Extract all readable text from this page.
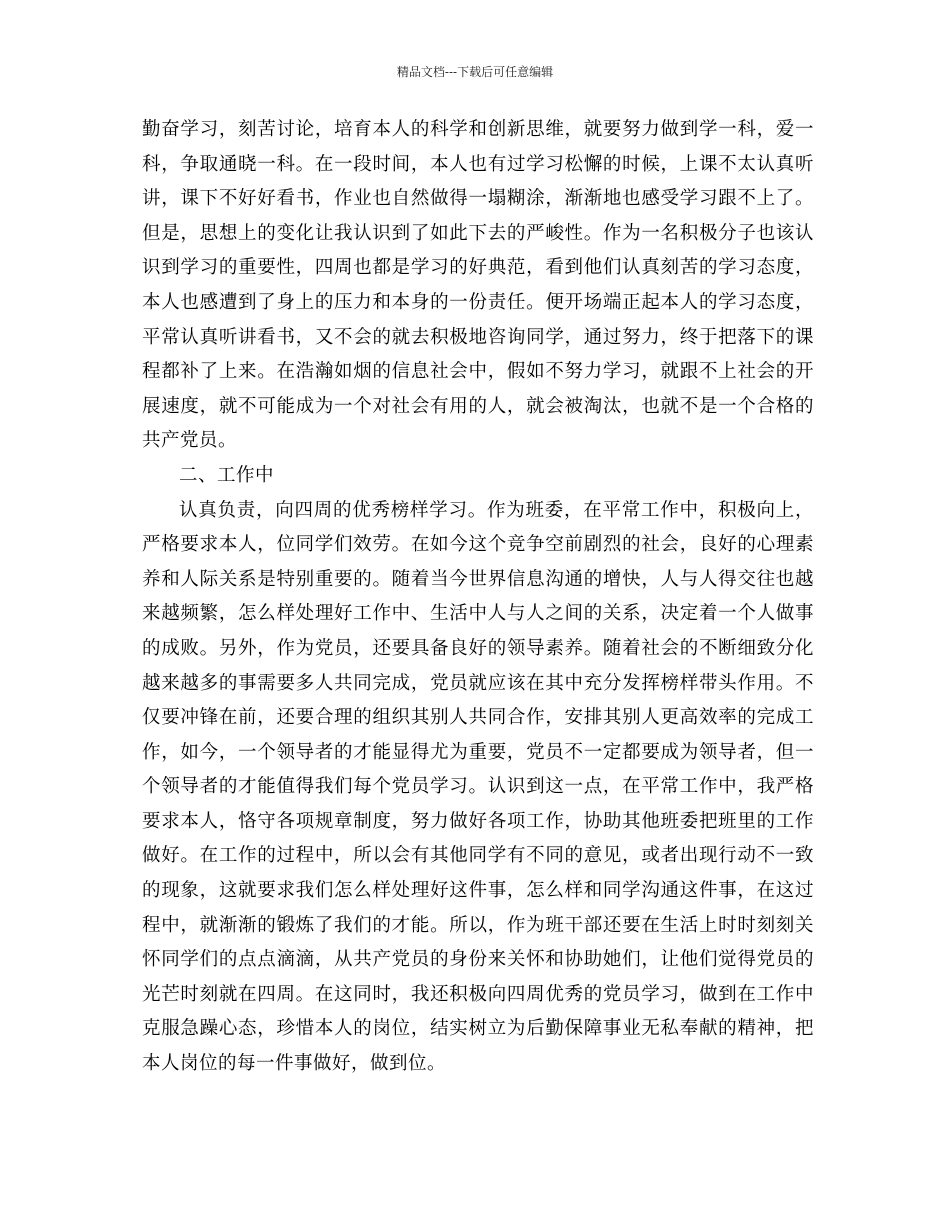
精品文档---下载后可任意编辑

勤奋学习，刻苦讨论，培育本人的科学和创新思维，就要努力做到学一科，爱一科，争取通晓一科。在一段时间，本人也有过学习松懈的时候，上课不太认真听讲，课下不好好看书，作业也自然做得一塌糊涂，渐渐地也感受学习跟不上了。但是，思想上的变化让我认识到了如此下去的严峻性。作为一名积极分子也该认识到学习的重要性，四周也都是学习的好典范，看到他们认真刻苦的学习态度，本人也感遭到了身上的压力和本身的一份责任。便开场端正起本人的学习态度，平常认真听讲看书，又不会的就去积极地咨询同学，通过努力，终于把落下的课程都补了上来。在浩瀚如烟的信息社会中，假如不努力学习，就跟不上社会的开展速度，就不可能成为一个对社会有用的人，就会被淘汰，也就不是一个合格的共产党员。

二、工作中

认真负责，向四周的优秀榜样学习。作为班委，在平常工作中，积极向上，严格要求本人，位同学们效劳。在如今这个竞争空前剧烈的社会，良好的心理素养和人际关系是特别重要的。随着当今世界信息沟通的增快，人与人得交往也越来越频繁，怎么样处理好工作中、生活中人与人之间的关系，决定着一个人做事的成败。另外，作为党员，还要具备良好的领导素养。随着社会的不断细致分化越来越多的事需要多人共同完成，党员就应该在其中充分发挥榜样带头作用。不仅要冲锋在前，还要合理的组织其别人共同合作，安排其别人更高效率的完成工作，如今，一个领导者的才能显得尤为重要，党员不一定都要成为领导者，但一个领导者的才能值得我们每个党员学习。认识到这一点，在平常工作中，我严格要求本人，恪守各项规章制度，努力做好各项工作，协助其他班委把班里的工作做好。在工作的过程中，所以会有其他同学有不同的意见，或者出现行动不一致的现象，这就要求我们怎么样处理好这件事，怎么样和同学沟通这件事，在这过程中，就渐渐的锻炼了我们的才能。所以，作为班干部还要在生活上时时刻刻关怀同学们的点点滴滴，从共产党员的身份来关怀和协助她们，让他们觉得党员的光芒时刻就在四周。在这同时，我还积极向四周优秀的党员学习，做到在工作中克服急躁心态，珍惜本人的岗位，结实树立为后勤保障事业无私奉献的精神，把本人岗位的每一件事做好，做到位。
